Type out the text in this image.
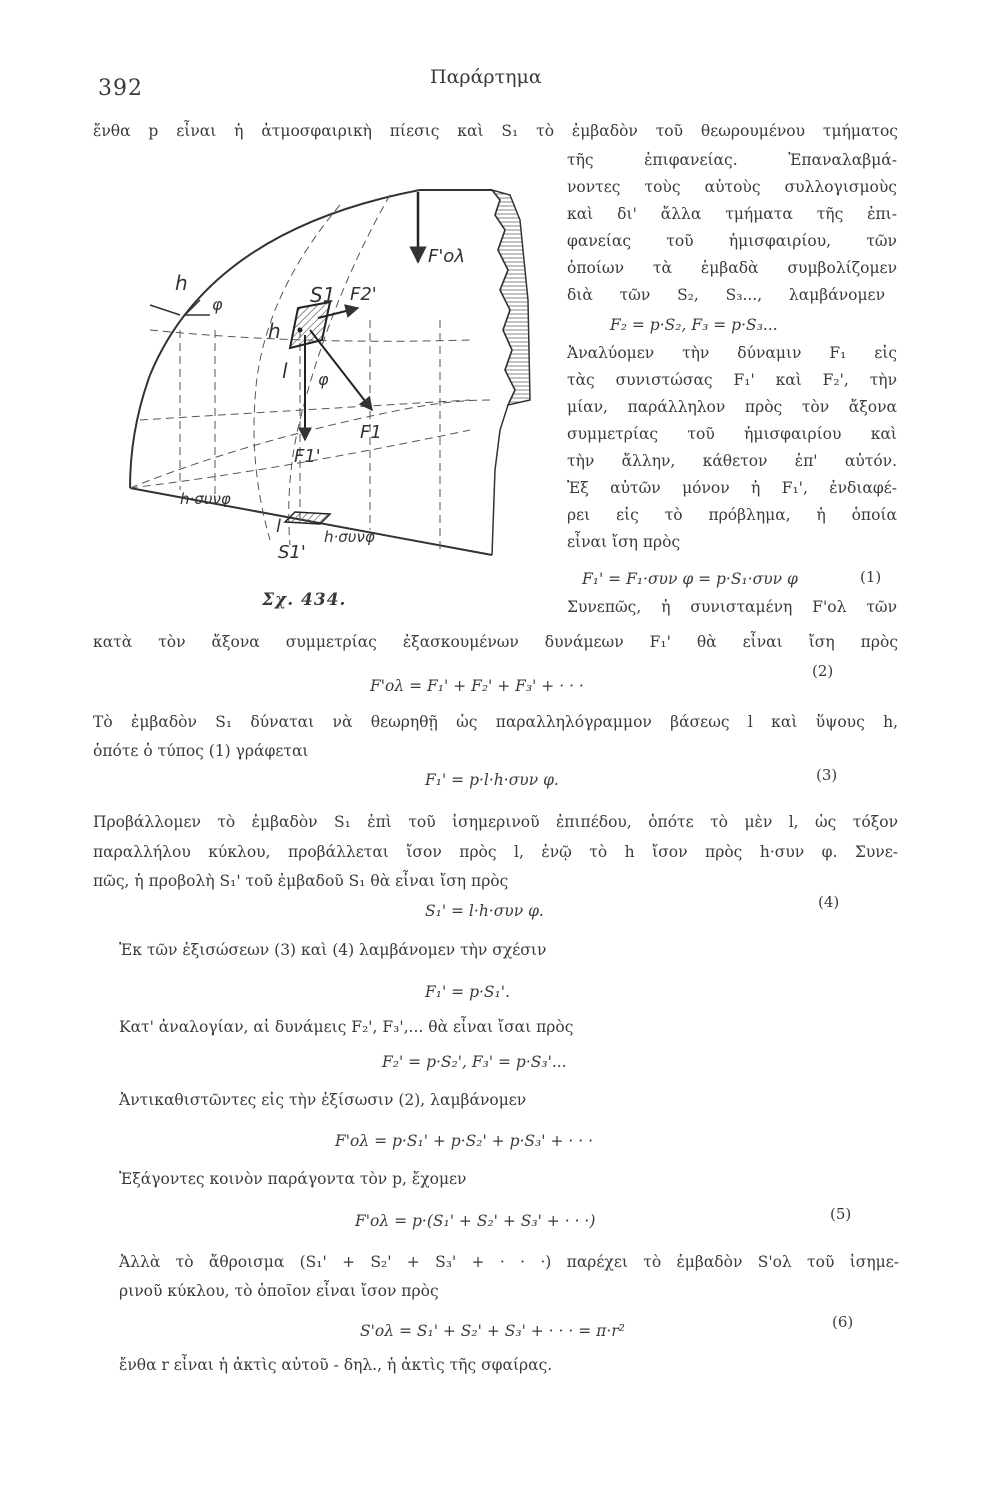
392	Παράρτημα
h
φ	S1 F2'
F'ολ
h
l φ
F1
F1'
h·συνφ
l	h·συνφ
S1'
Σχ. 434.
ἔνθα p εἶναι ἡ ἀτμοσφαιρικὴ πίεσις καὶ S₁ τὸ ἐμβαδὸν τοῦ θεωρουμένου τμήματος
τῆς ἐπιφανείας. Ἐπαναλαβμά-
νοντες τοὺς αὐτοὺς συλλογισμοὺς
καὶ δι' ἄλλα τμήματα τῆς ἐπι-
φανείας τοῦ ἡμισφαιρίου, τῶν
ὁποίων τὰ ἐμβαδὰ συμβολίζομεν
διὰ τῶν S₂, S₃..., λαμβάνομεν
F₂ = p·S₂, F₃ = p·S₃...
Ἀναλύομεν τὴν δύναμιν F₁ εἰς
τὰς συνιστώσας F₁' καὶ F₂', τὴν
μίαν, παράλληλον πρὸς τὸν ἄξονα
συμμετρίας τοῦ ἡμισφαιρίου καὶ
τὴν ἄλλην, κάθετον ἐπ' αὐτόν.
Ἐξ αὐτῶν μόνον ἡ F₁', ἐνδιαφέ-
ρει εἰς τὸ πρόβλημα, ἡ ὁποία
εἶναι ἴση πρὸς
F₁' = F₁·συν φ = p·S₁·συν φ	(1)
Συνεπῶς, ἡ συνισταμένη F'ολ τῶν
κατὰ τὸν ἄξονα συμμετρίας ἐξασκουμένων δυνάμεων F₁' θὰ εἶναι ἴση πρὸς
F'ολ = F₁' + F₂' + F₃' + · · ·
(2)
Τὸ ἐμβαδὸν S₁ δύναται νὰ θεωρηθῇ ὡς παραλληλόγραμμον βάσεως l καὶ ὕψους h,
ὁπότε ὁ τύπος (1) γράφεται
F₁' = p·l·h·συν φ.	(3)
Προβάλλομεν τὸ ἐμβαδὸν S₁ ἐπὶ τοῦ ἰσημερινοῦ ἐπιπέδου, ὁπότε τὸ μὲν l, ὡς τόξον
παραλλήλου κύκλου, προβάλλεται ἴσον πρὸς l, ἐνῷ τὸ h ἴσον πρὸς h·συν φ. Συνε-
πῶς, ἡ προβολὴ S₁' τοῦ ἐμβαδοῦ S₁ θὰ εἶναι ἴση πρὸς
S₁' = l·h·συν φ.	(4)
Ἐκ τῶν ἐξισώσεων (3) καὶ (4) λαμβάνομεν τὴν σχέσιν
F₁' = p·S₁'.
Κατ' ἀναλογίαν, αἱ δυνάμεις F₂', F₃',... θὰ εἶναι ἴσαι πρὸς
F₂' = p·S₂', F₃' = p·S₃'...
Ἀντικαθιστῶντες εἰς τὴν ἐξίσωσιν (2), λαμβάνομεν
F'ολ = p·S₁' + p·S₂' + p·S₃' + · · ·
Ἐξάγοντες κοινὸν παράγοντα τὸν p, ἔχομεν
F'ολ = p·(S₁' + S₂' + S₃' + · · ·)	(5)
Ἀλλὰ τὸ ἄθροισμα (S₁' + S₂' + S₃' + · · ·) παρέχει τὸ ἐμβαδὸν S'ολ τοῦ ἰσημε-
ρινοῦ κύκλου, τὸ ὁποῖον εἶναι ἴσον πρὸς
S'ολ = S₁' + S₂' + S₃' + · · · = π·r²	(6)
ἔνθα r εἶναι ἡ ἀκτὶς αὐτοῦ - δηλ., ἡ ἀκτὶς τῆς σφαίρας.
